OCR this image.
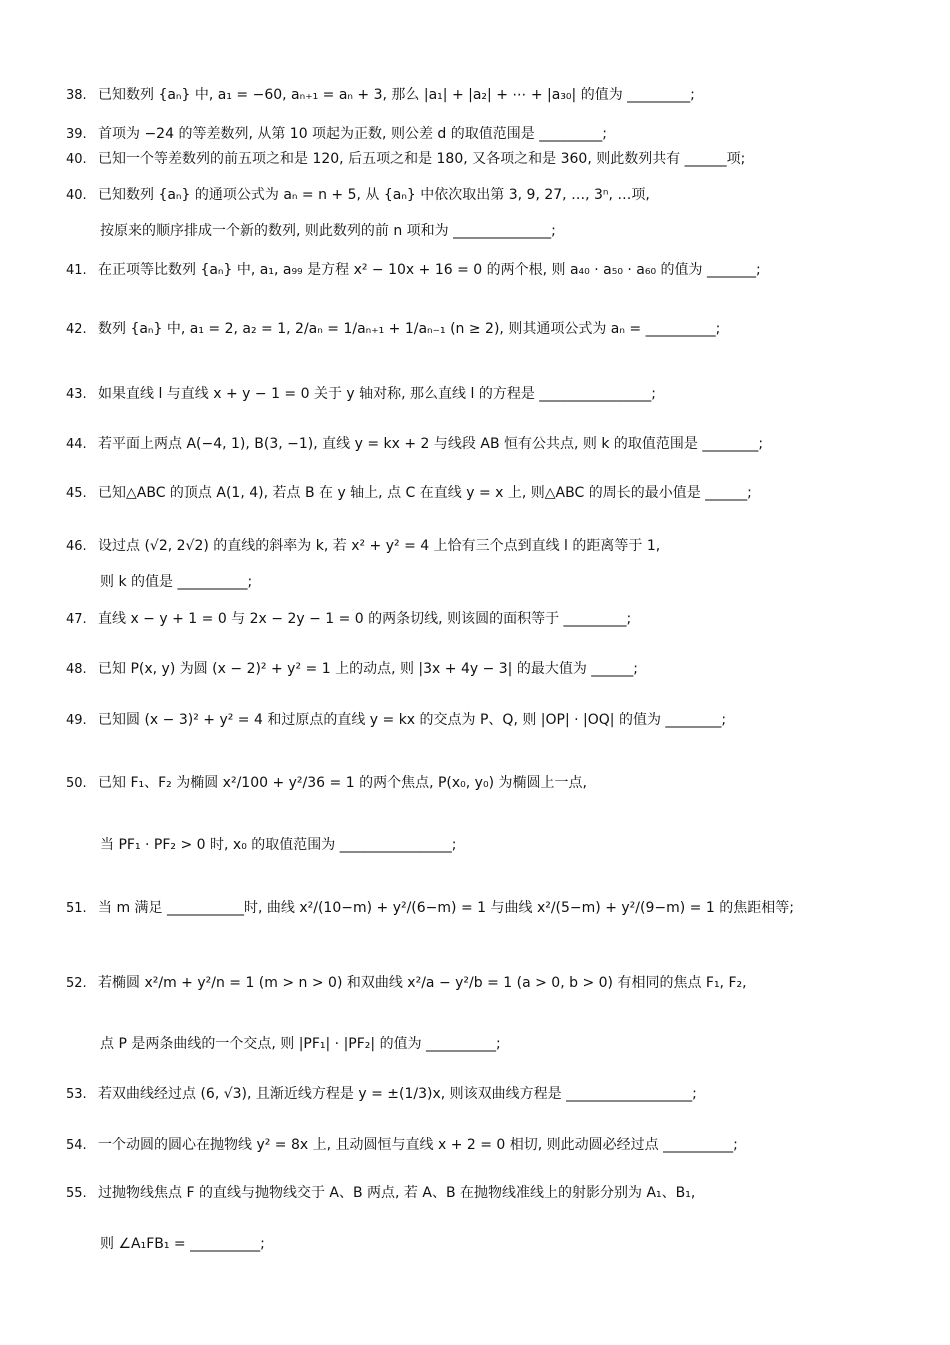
38. 已知数列 {aₙ} 中, a₁ = −60, aₙ₊₁ = aₙ + 3, 那么 |a₁| + |a₂| + ⋯ + |a₃₀| 的值为 _________;
39. 首项为 −24 的等差数列, 从第 10 项起为正数, 则公差 d 的取值范围是 _________;
40. 已知一个等差数列的前五项之和是 120, 后五项之和是 180, 又各项之和是 360, 则此数列共有 ______项;
40. 已知数列 {aₙ} 的通项公式为 aₙ = n + 5, 从 {aₙ} 中依次取出第 3, 9, 27, …, 3ⁿ, …项,
按原来的顺序排成一个新的数列, 则此数列的前 n 项和为 ______________;
41. 在正项等比数列 {aₙ} 中, a₁, a₉₉ 是方程 x² − 10x + 16 = 0 的两个根, 则 a₄₀ · a₅₀ · a₆₀ 的值为 _______;
42. 数列 {aₙ} 中, a₁ = 2, a₂ = 1, 2/aₙ = 1/aₙ₊₁ + 1/aₙ₋₁ (n ≥ 2), 则其通项公式为 aₙ = __________;
43. 如果直线 l 与直线 x + y − 1 = 0 关于 y 轴对称, 那么直线 l 的方程是 ________________;
44. 若平面上两点 A(−4, 1), B(3, −1), 直线 y = kx + 2 与线段 AB 恒有公共点, 则 k 的取值范围是 ________;
45. 已知△ABC 的顶点 A(1, 4), 若点 B 在 y 轴上, 点 C 在直线 y = x 上, 则△ABC 的周长的最小值是 ______;
46. 设过点 (√2, 2√2) 的直线的斜率为 k, 若 x² + y² = 4 上恰有三个点到直线 l 的距离等于 1,
则 k 的值是 __________;
47. 直线 x − y + 1 = 0 与 2x − 2y − 1 = 0 的两条切线, 则该圆的面积等于 _________;
48. 已知 P(x, y) 为圆 (x − 2)² + y² = 1 上的动点, 则 |3x + 4y − 3| 的最大值为 ______;
49. 已知圆 (x − 3)² + y² = 4 和过原点的直线 y = kx 的交点为 P、Q, 则 |OP| · |OQ| 的值为 ________;
50. 已知 F₁、F₂ 为椭圆 x²/100 + y²/36 = 1 的两个焦点, P(x₀, y₀) 为椭圆上一点,
当 PF₁ · PF₂ > 0 时, x₀ 的取值范围为 ________________;
51. 当 m 满足 ___________时, 曲线 x²/(10−m) + y²/(6−m) = 1 与曲线 x²/(5−m) + y²/(9−m) = 1 的焦距相等;
52. 若椭圆 x²/m + y²/n = 1 (m > n > 0) 和双曲线 x²/a − y²/b = 1 (a > 0, b > 0) 有相同的焦点 F₁, F₂,
点 P 是两条曲线的一个交点, 则 |PF₁| · |PF₂| 的值为 __________;
53. 若双曲线经过点 (6, √3), 且渐近线方程是 y = ±(1/3)x, 则该双曲线方程是 __________________;
54. 一个动圆的圆心在抛物线 y² = 8x 上, 且动圆恒与直线 x + 2 = 0 相切, 则此动圆必经过点 __________;
55. 过抛物线焦点 F 的直线与抛物线交于 A、B 两点, 若 A、B 在抛物线准线上的射影分别为 A₁、B₁,
则 ∠A₁FB₁ = __________;
